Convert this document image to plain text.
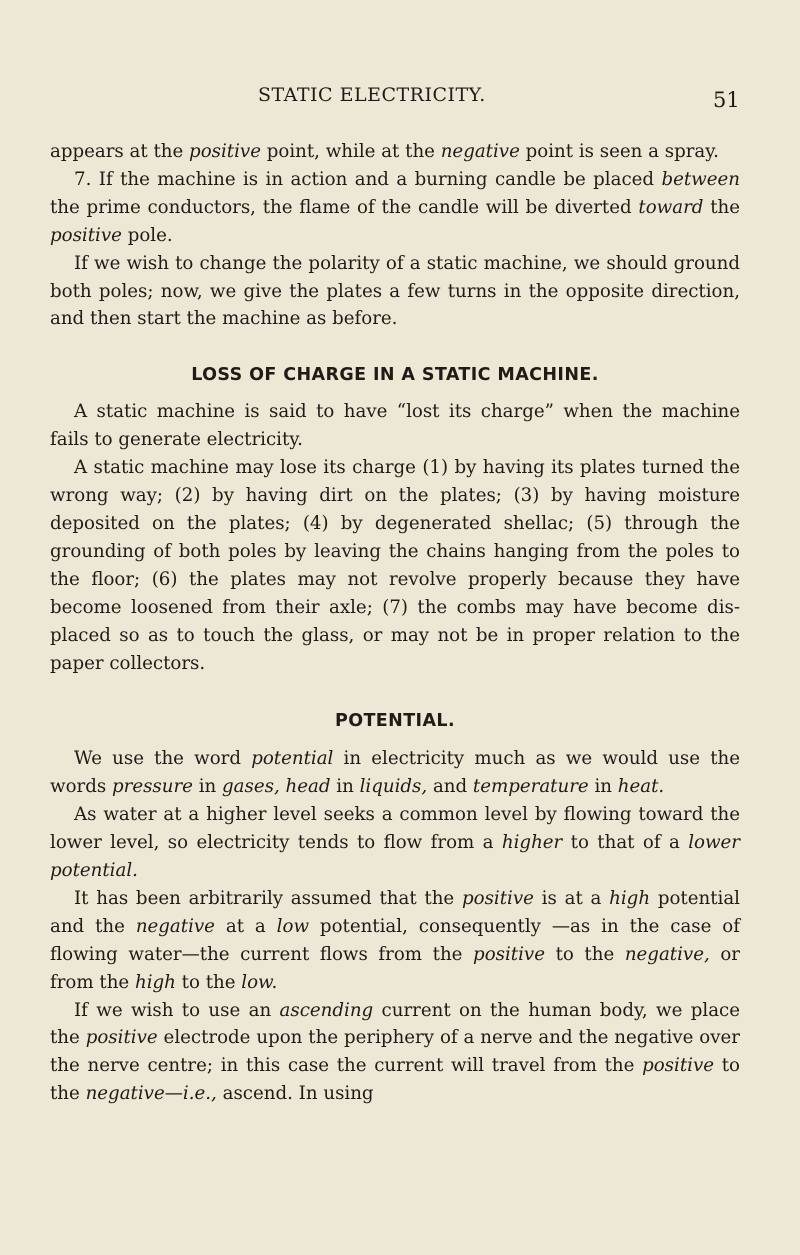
STATIC ELECTRICITY.	51

appears at the positive point, while at the negative point is seen a spray.

7. If the machine is in action and a burning candle be placed between the prime conductors, the flame of the candle will be diverted toward the positive pole.

If we wish to change the polarity of a static machine, we should ground both poles; now, we give the plates a few turns in the opposite direction, and then start the machine as before.

LOSS OF CHARGE IN A STATIC MACHINE.

A static machine is said to have “lost its charge” when the machine fails to generate electricity.

A static machine may lose its charge (1) by having its plates turned the wrong way; (2) by having dirt on the plates; (3) by having moisture deposited on the plates; (4) by degenerated shellac; (5) through the grounding of both poles by leaving the chains hanging from the poles to the floor; (6) the plates may not revolve properly because they have become loosened from their axle; (7) the combs may have become displaced so as to touch the glass, or may not be in proper relation to the paper collectors.

POTENTIAL.

We use the word potential in electricity much as we would use the words pressure in gases, head in liquids, and temperature in heat.

As water at a higher level seeks a common level by flowing toward the lower level, so electricity tends to flow from a higher to that of a lower potential.

It has been arbitrarily assumed that the positive is at a high potential and the negative at a low potential, consequently —as in the case of flowing water—the current flows from the positive to the negative, or from the high to the low.

If we wish to use an ascending current on the human body, we place the positive electrode upon the periphery of a nerve and the negative over the nerve centre; in this case the current will travel from the positive to the negative—i.e., ascend. In using
